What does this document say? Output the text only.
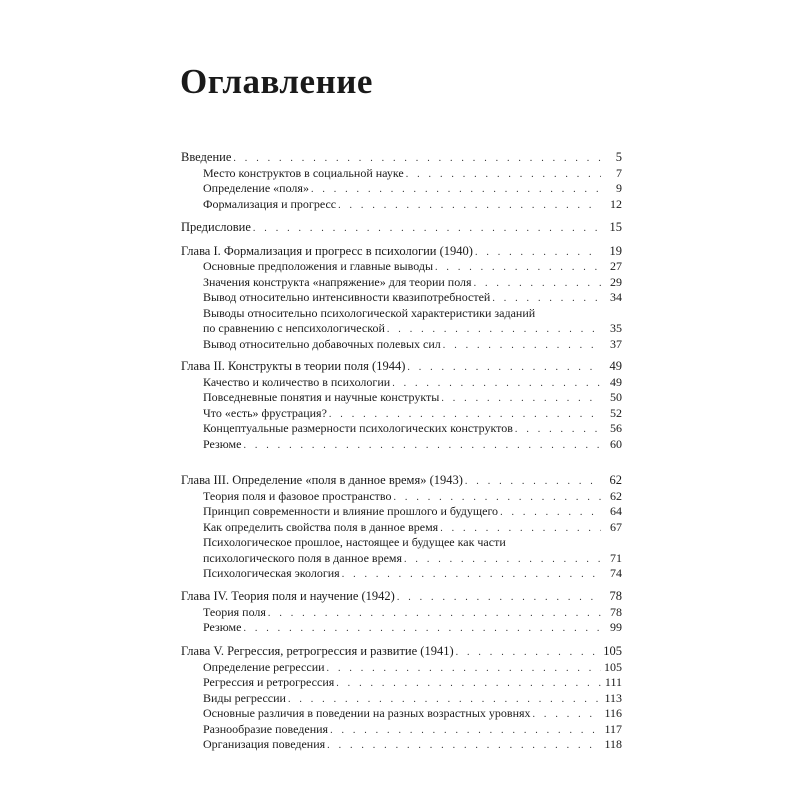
Оглавление
Введение . . .	5
Место конструктов в социальной науке . . .	7
Определение «поля» . . .	9
Формализация и прогресс . . .	12
Предисловие . . .	15
Глава I. Формализация и прогресс в психологии (1940) . . .	19
Основные предположения и главные выводы . . .	27
Значения конструкта «напряжение» для теории поля . . .	29
Вывод относительно интенсивности квазипотребностей . . .	34
Выводы относительно психологической характеристики заданий
по сравнению с непсихологической . . .	35
Вывод относительно добавочных полевых сил . . .	37
Глава II. Конструкты в теории поля (1944) . . .	49
Качество и количество в психологии . . .	49
Повседневные понятия и научные конструкты . . .	50
Что «есть» фрустрация? . . .	52
Концептуальные размерности психологических конструктов . . .	56
Резюме . . .	60
Глава III. Определение «поля в данное время» (1943) . . .	62
Теория поля и фазовое пространство . . .	62
Принцип современности и влияние прошлого и будущего . . .	64
Как определить свойства поля в данное время . . .	67
Психологическое прошлое, настоящее и будущее как части
психологического поля в данное время . . .	71
Психологическая экология . . .	74
Глава IV. Теория поля и научение (1942) . . .	78
Теория поля . . .	78
Резюме . . .	99
Глава V. Регрессия, ретрогрессия и развитие (1941) . . .	105
Определение регрессии . . .	105
Регрессия и ретрогрессия . . .	111
Виды регрессии . . .	113
Основные различия в поведении на разных возрастных уровнях . . .	116
Разнообразие поведения . . .	117
Организация поведения . . .	118
